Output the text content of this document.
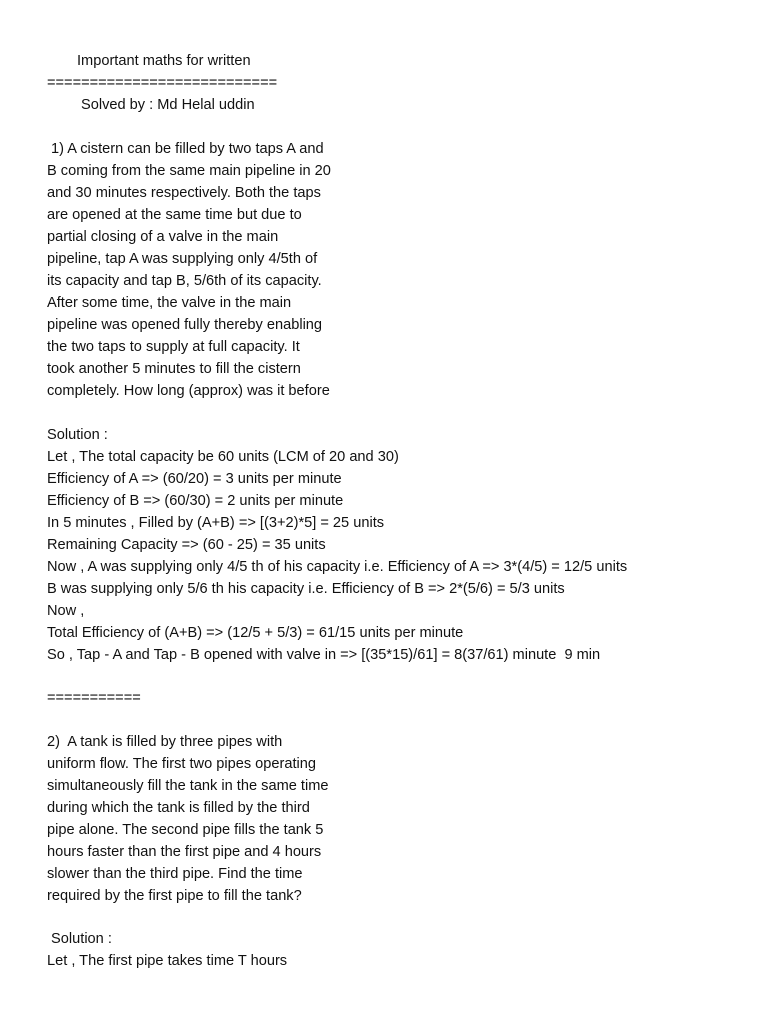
Important maths for written
===========================
Solved by : Md Helal uddin
1) A cistern can be filled by two taps A and
B coming from the same main pipeline in 20
and 30 minutes respectively. Both the taps
are opened at the same time but due to
partial closing of a valve in the main
pipeline, tap A was supplying only 4/5th of
its capacity and tap B, 5/6th of its capacity.
After some time, the valve in the main
pipeline was opened fully thereby enabling
the two taps to supply at full capacity. It
took another 5 minutes to fill the cistern
completely. How long (approx) was it before
Solution :
Let , The total capacity be 60 units (LCM of 20 and 30)
Efficiency of A => (60/20) = 3 units per minute
Efficiency of B => (60/30) = 2 units per minute
In 5 minutes , Filled by (A+B) => [(3+2)*5] = 25 units
Remaining Capacity => (60 - 25) = 35 units
Now , A was supplying only 4/5 th of his capacity i.e. Efficiency of A => 3*(4/5) = 12/5 units
B was supplying only 5/6 th his capacity i.e. Efficiency of B => 2*(5/6) = 5/3 units
Now ,
Total Efficiency of (A+B) => (12/5 + 5/3) = 61/15 units per minute
So , Tap - A and Tap - B opened with valve in => [(35*15)/61] = 8(37/61) minute  9 min
===========
2)  A tank is filled by three pipes with
uniform flow. The first two pipes operating
simultaneously fill the tank in the same time
during which the tank is filled by the third
pipe alone. The second pipe fills the tank 5
hours faster than the first pipe and 4 hours
slower than the third pipe. Find the time
required by the first pipe to fill the tank?
Solution :
Let , The first pipe takes time T hours
